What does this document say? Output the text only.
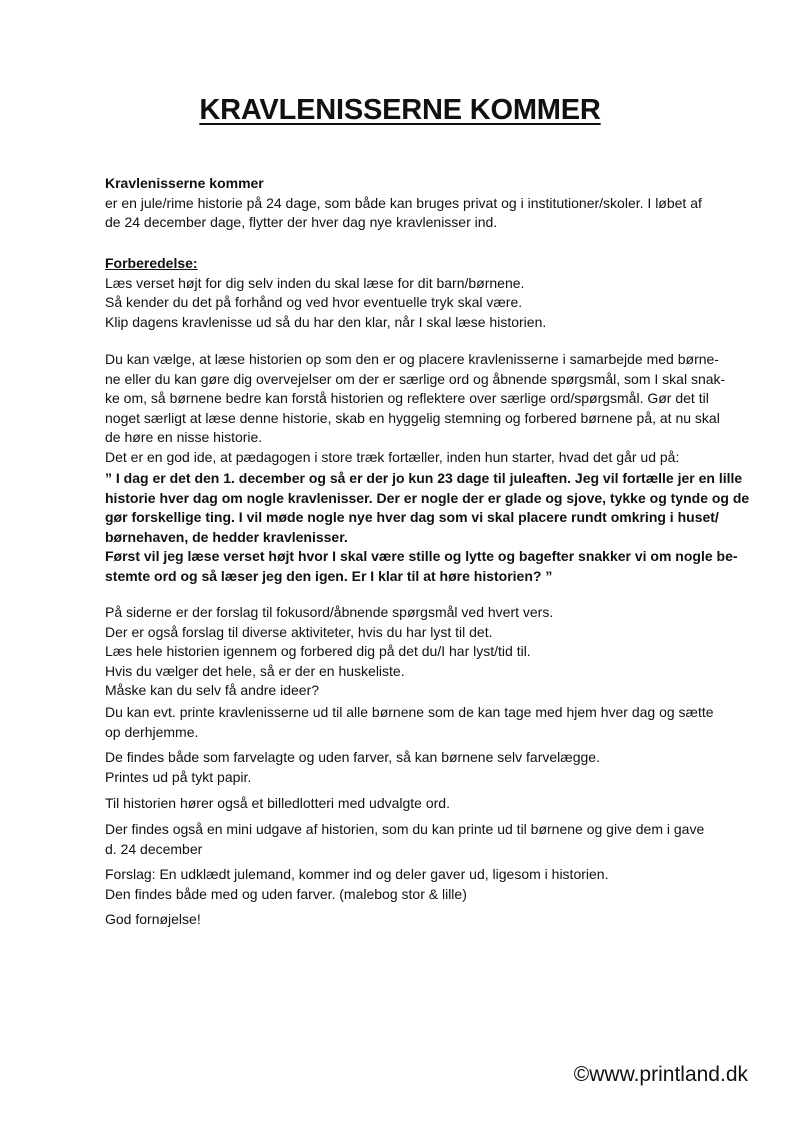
KRAVLENISSERNE KOMMER
Kravlenisserne kommer
er en jule/rime historie på 24 dage, som både kan bruges privat og i institutioner/skoler. I løbet af
de 24 december dage, flytter der hver dag nye kravlenisser ind.
Forberedelse:
Læs verset højt for dig selv inden du skal læse for dit barn/børnene.
Så kender du det på forhånd og ved hvor eventuelle tryk skal være.
Klip dagens kravlenisse ud så du har den klar, når I skal læse historien.
Du kan vælge, at læse historien op som den er og placere kravlenisserne i samarbejde med børne-
ne eller du kan gøre dig overvejelser om der er særlige ord og åbnende spørgsmål, som I skal snak-
ke om, så børnene bedre kan forstå historien og reflektere over særlige ord/spørgsmål. Gør det til
noget særligt at læse denne historie, skab en hyggelig stemning og forbered børnene på, at nu skal
de høre en nisse historie.
Det er en god ide, at pædagogen i store træk fortæller, inden hun starter, hvad det går ud på:
” I dag er det den 1. december og så er der jo kun 23 dage til juleaften. Jeg vil fortælle jer en lille
historie hver dag om nogle kravlenisser. Der er nogle der er glade og sjove, tykke og tynde og de
gør forskellige ting. I vil møde nogle nye hver dag som vi skal placere rundt omkring i huset/
børnehaven, de hedder kravlenisser.
Først vil jeg læse verset højt hvor I skal være stille og lytte og bagefter snakker vi om nogle be-
stemte ord og så læser jeg den igen. Er I klar til at høre historien? ”
På siderne er der forslag til fokusord/åbnende spørgsmål ved hvert vers.
Der er også forslag til diverse aktiviteter, hvis du har lyst til det.
Læs hele historien igennem og forbered dig på det du/I har lyst/tid til.
Hvis du vælger det hele, så er der en huskeliste.
Måske kan du selv få andre ideer?
Du kan evt. printe kravlenisserne ud til alle børnene som de kan tage med hjem hver dag og sætte
op derhjemme.
De findes både som farvelagte og uden farver, så kan børnene selv farvelægge.
Printes ud på tykt papir.
Til historien hører også et billedlotteri med udvalgte ord.
Der findes også en mini udgave af historien, som du kan printe ud til børnene og give dem i gave
d. 24 december
Forslag: En udklædt julemand, kommer ind og deler gaver ud, ligesom i historien.
Den findes både med og uden farver. (malebog stor & lille)
God fornøjelse!
©www.printland.dk
